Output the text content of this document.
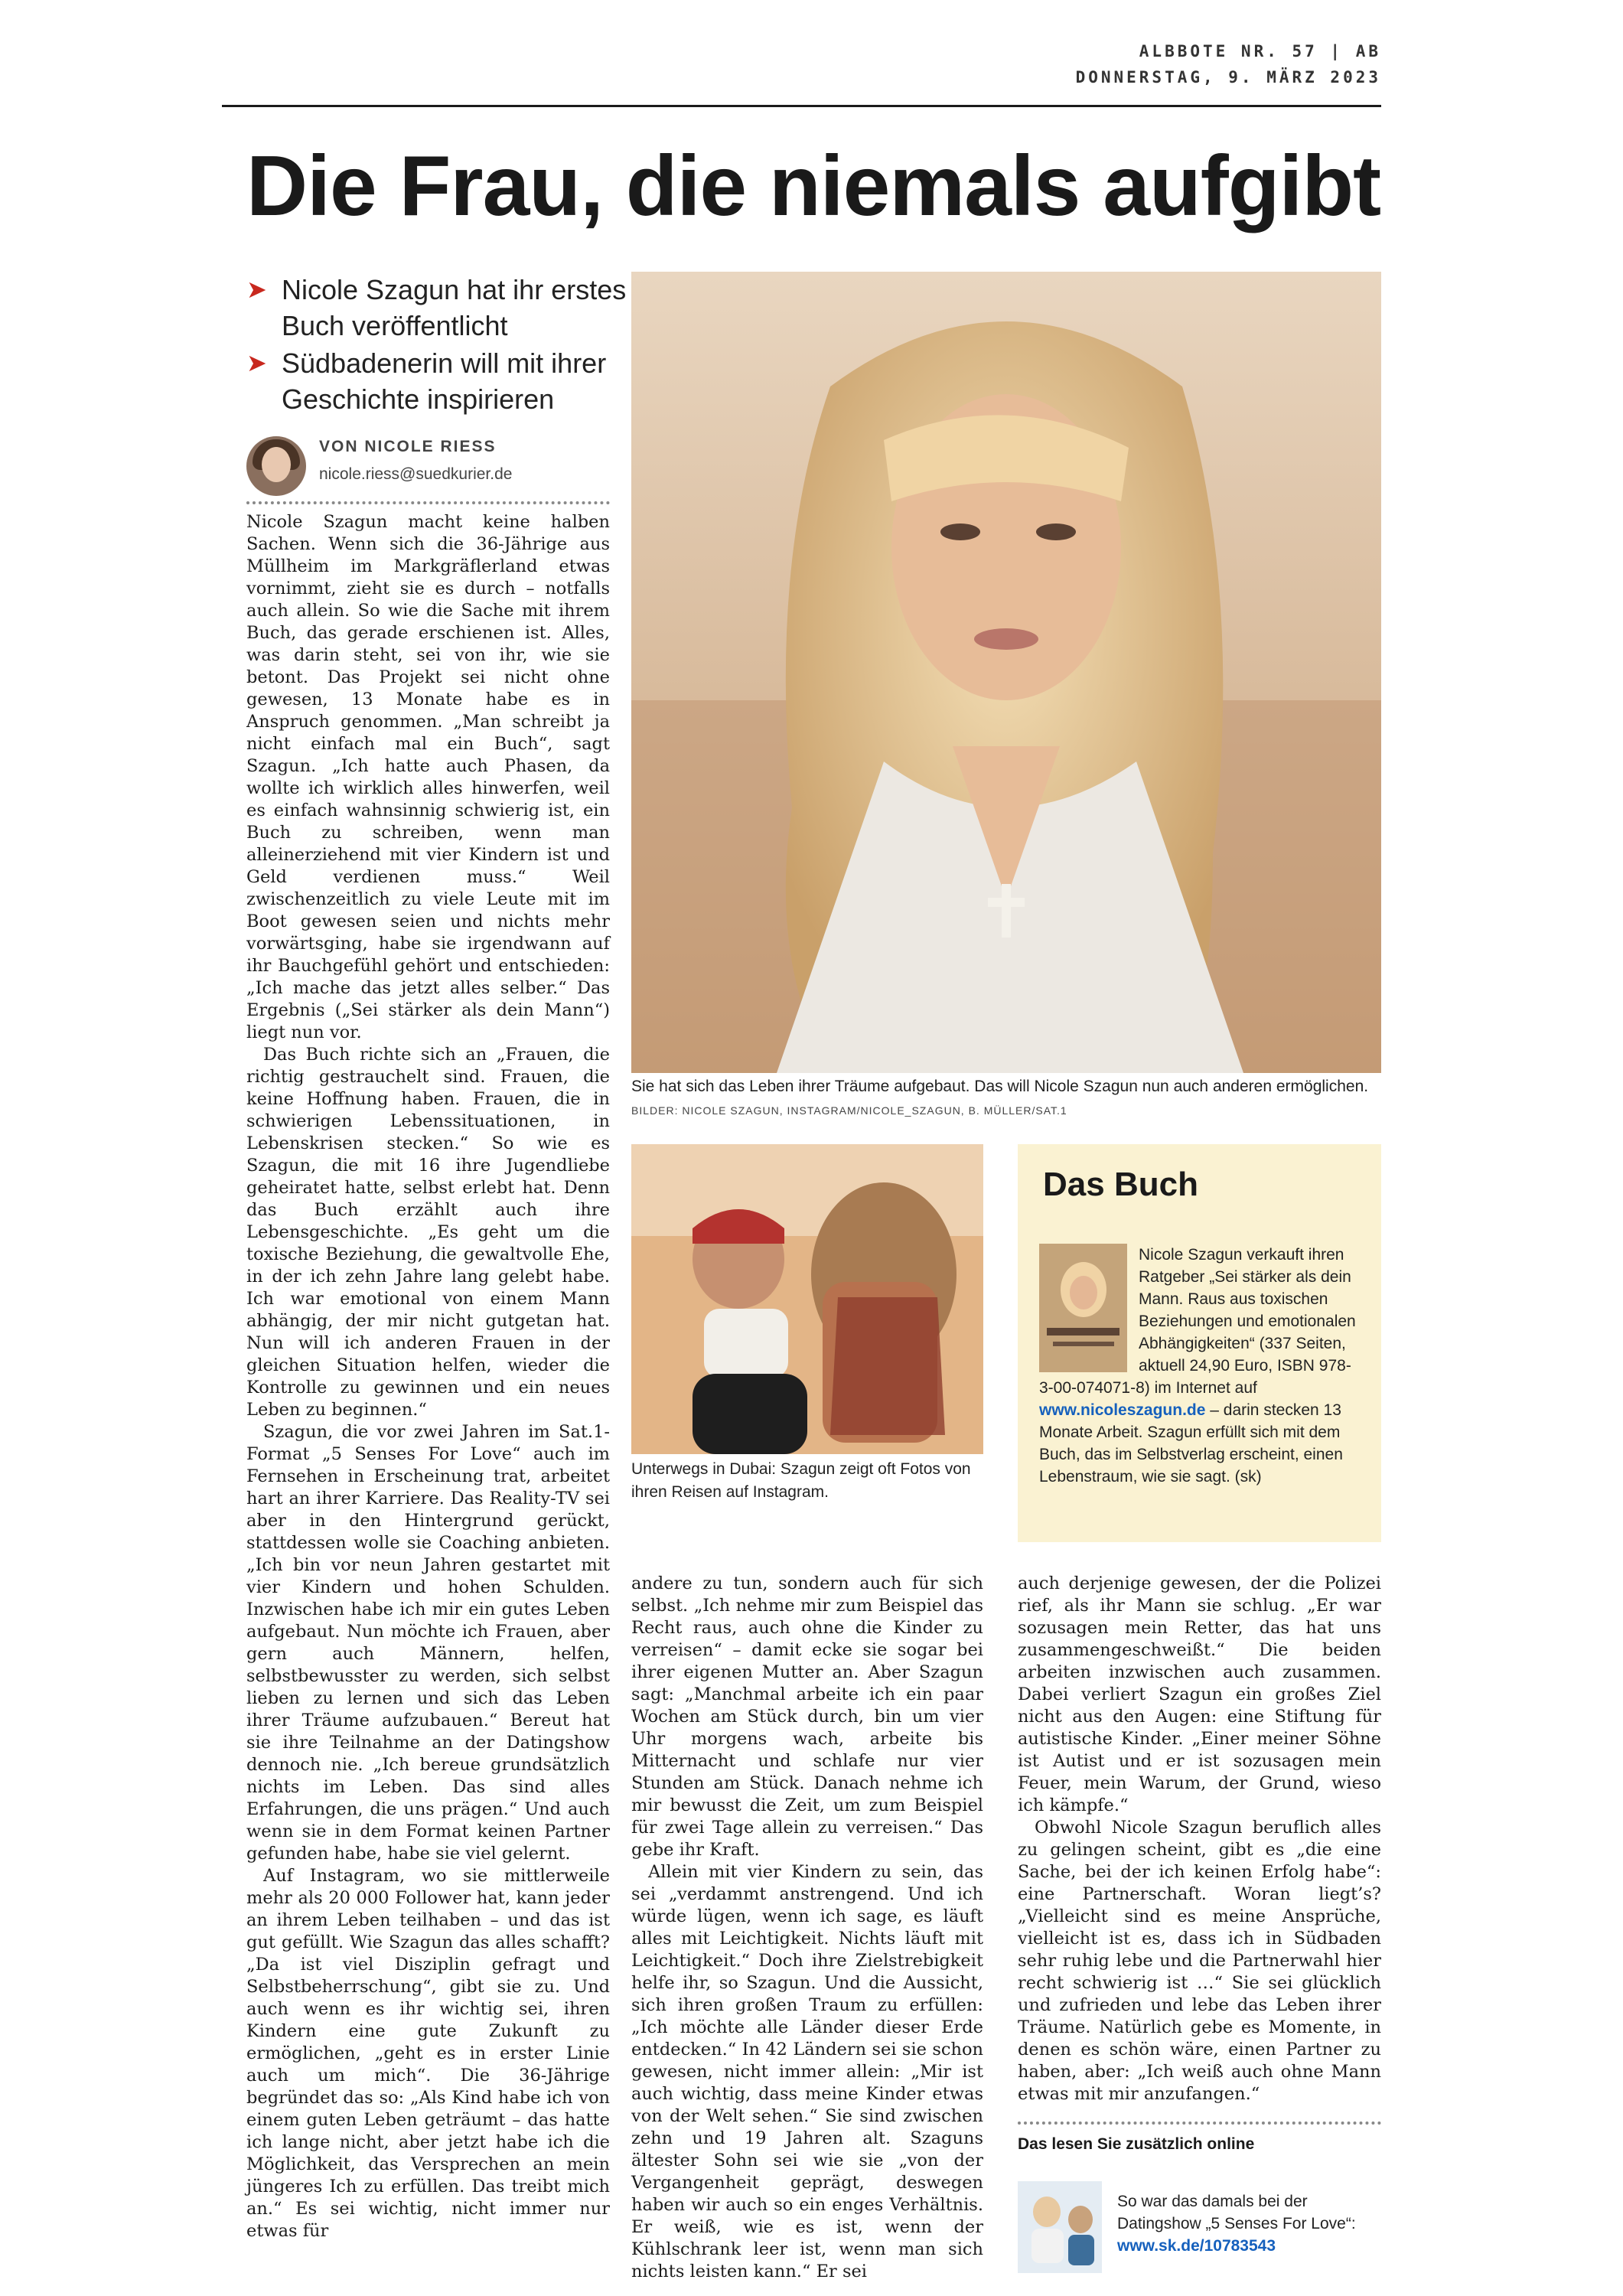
ALBBOTE NR. 57 | AB
DONNERSTAG, 9. MÄRZ 2023
Die Frau, die niemals aufgibt
➤ Nicole Szagun hat ihr erstes Buch veröffentlicht
➤ Südbadenerin will mit ihrer Geschichte inspirieren
VON NICOLE RIESS
nicole.riess@suedkurier.de

Nicole Szagun macht keine halben Sachen. Wenn sich die 36-Jährige aus Müllheim im Markgräflerland etwas vornimmt, zieht sie es durch – notfalls auch allein. So wie die Sache mit ihrem Buch, das gerade erschienen ist. Alles, was darin steht, sei von ihr, wie sie betont. Das Projekt sei nicht ohne gewesen, 13 Monate habe es in Anspruch genommen. „Man schreibt ja nicht einfach mal ein Buch“, sagt Szagun. „Ich hatte auch Phasen, da wollte ich wirklich alles hinwerfen, weil es einfach wahnsinnig schwierig ist, ein Buch zu schreiben, wenn man alleinerziehend mit vier Kindern ist und Geld verdienen muss.“ Weil zwischenzeitlich zu viele Leute mit im Boot gewesen seien und nichts mehr vorwärtsging, habe sie irgendwann auf ihr Bauchgefühl gehört und entschieden: „Ich mache das jetzt alles selber.“ Das Ergebnis („Sei stärker als dein Mann“) liegt nun vor.

Das Buch richte sich an „Frauen, die richtig gestrauchelt sind. Frauen, die keine Hoffnung haben. Frauen, die in schwierigen Lebenssituationen, in Lebenskrisen stecken.“ So wie es Szagun, die mit 16 ihre Jugendliebe geheiratet hatte, selbst erlebt hat. Denn das Buch erzählt auch ihre Lebensgeschichte. „Es geht um die toxische Beziehung, die gewaltvolle Ehe, in der ich zehn Jahre lang gelebt habe. Ich war emotional von einem Mann abhängig, der mir nicht gutgetan hat. Nun will ich anderen Frauen in der gleichen Situation helfen, wieder die Kontrolle zu gewinnen und ein neues Leben zu beginnen.“

Szagun, die vor zwei Jahren im Sat.1-Format „5 Senses For Love“ auch im Fernsehen in Erscheinung trat, arbeitet hart an ihrer Karriere. Das Reality-TV sei aber in den Hintergrund gerückt, stattdessen wolle sie Coaching anbieten. „Ich bin vor neun Jahren gestartet mit vier Kindern und hohen Schulden. Inzwischen habe ich mir ein gutes Leben aufgebaut. Nun möchte ich Frauen, aber gern auch Männern, helfen, selbstbewusster zu werden, sich selbst lieben zu lernen und sich das Leben ihrer Träume aufzubauen.“ Bereut hat sie ihre Teilnahme an der Datingshow dennoch nie. „Ich bereue grundsätzlich nichts im Leben. Das sind alles Erfahrungen, die uns prägen.“ Und auch wenn sie in dem Format keinen Partner gefunden habe, habe sie viel gelernt.

Auf Instagram, wo sie mittlerweile mehr als 20 000 Follower hat, kann jeder an ihrem Leben teilhaben – und das ist gut gefüllt. Wie Szagun das alles schafft? „Da ist viel Disziplin gefragt und Selbstbeherrschung“, gibt sie zu. Und auch wenn es ihr wichtig sei, ihren Kindern eine gute Zukunft zu ermöglichen, „geht es in erster Linie auch um mich“. Die 36-Jährige begründet das so: „Als Kind habe ich von einem guten Leben geträumt – das hatte ich lange nicht, aber jetzt habe ich die Möglichkeit, das Versprechen an mein jüngeres Ich zu erfüllen. Das treibt mich an.“ Es sei wichtig, nicht immer nur etwas für

Sie hat sich das Leben ihrer Träume aufgebaut. Das will Nicole Szagun nun auch anderen ermöglichen. BILDER: NICOLE SZAGUN, INSTAGRAM/NICOLE_SZAGUN, B. MÜLLER/SAT.1
Unterwegs in Dubai: Szagun zeigt oft Fotos von ihren Reisen auf Instagram.
Das Buch
Nicole Szagun verkauft ihren Ratgeber „Sei stärker als dein Mann. Raus aus toxischen Beziehungen und emotionalen Abhängigkeiten“ (337 Seiten, aktuell 24,90 Euro, ISBN 978-3-00-074071-8) im Internet auf www.nicoleszagun.de – darin stecken 13 Monate Arbeit. Szagun erfüllt sich mit dem Buch, das im Selbstverlag erscheint, einen Lebenstraum, wie sie sagt. (sk)

andere zu tun, sondern auch für sich selbst. „Ich nehme mir zum Beispiel das Recht raus, auch ohne die Kinder zu verreisen“ – damit ecke sie sogar bei ihrer eigenen Mutter an. Aber Szagun sagt: „Manchmal arbeite ich ein paar Wochen am Stück durch, bin um vier Uhr morgens wach, arbeite bis Mitternacht und schlafe nur vier Stunden am Stück. Danach nehme ich mir bewusst die Zeit, um zum Beispiel für zwei Tage allein zu verreisen.“ Das gebe ihr Kraft.

Allein mit vier Kindern zu sein, das sei „verdammt anstrengend. Und ich würde lügen, wenn ich sage, es läuft alles mit Leichtigkeit. Nichts läuft mit Leichtigkeit.“ Doch ihre Zielstrebigkeit helfe ihr, so Szagun. Und die Aussicht, sich ihren großen Traum zu erfüllen: „Ich möchte alle Länder dieser Erde entdecken.“ In 42 Ländern sei sie schon gewesen, nicht immer allein: „Mir ist auch wichtig, dass meine Kinder etwas von der Welt sehen.“ Sie sind zwischen zehn und 19 Jahren alt. Szaguns ältester Sohn sei wie sie „von der Vergangenheit geprägt, deswegen haben wir auch so ein enges Verhältnis. Er weiß, wie es ist, wenn der Kühlschrank leer ist, wenn man sich nichts leisten kann.“ Er sei

auch derjenige gewesen, der die Polizei rief, als ihr Mann sie schlug. „Er war sozusagen mein Retter, das hat uns zusammengeschweißt.“ Die beiden arbeiten inzwischen auch zusammen. Dabei verliert Szagun ein großes Ziel nicht aus den Augen: eine Stiftung für autistische Kinder. „Einer meiner Söhne ist Autist und er ist sozusagen mein Feuer, mein Warum, der Grund, wieso ich kämpfe.“

Obwohl Nicole Szagun beruflich alles zu gelingen scheint, gibt es „die eine Sache, bei der ich keinen Erfolg habe“: eine Partnerschaft. Woran liegt’s? „Vielleicht sind es meine Ansprüche, vielleicht ist es, dass ich in Südbaden sehr ruhig lebe und die Partnerwahl hier recht schwierig ist …“ Sie sei glücklich und zufrieden und lebe das Leben ihrer Träume. Natürlich gebe es Momente, in denen es schön wäre, einen Partner zu haben, aber: „Ich weiß auch ohne Mann etwas mit mir anzufangen.“

Das lesen Sie zusätzlich online
So war das damals bei der Datingshow „5 Senses For Love“:
www.sk.de/10783543
